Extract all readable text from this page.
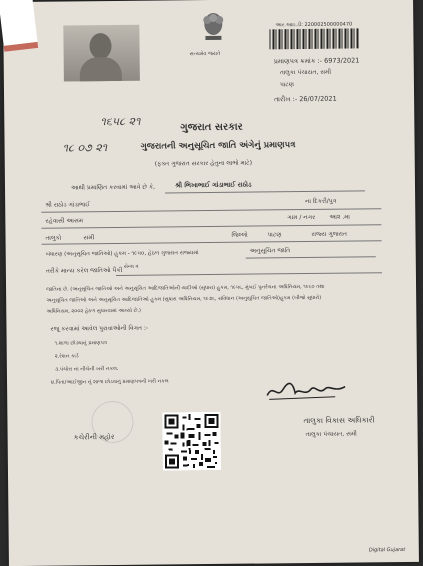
સત્યમેવ જયતે
આર.આઇ.ડી: 220002500000470
પ્રમાણપત્ર ક્રમાંક :- 6973/2021
તાલુકા પંચાયત, સમી
પાટણ
તારીખ :- 26/07/2021
૧૬૫૮ ૨૧	ગુજરાત સરકાર
૧૮ ૦૭ ૨૧	ગુજરાતની અનુસૂચિત જાતિ અંગેનું પ્રમાણપત્ર
(ફક્ત ગુજરાત સરકાર હેતુના લાભો માટે)
આથી પ્રમાણિત કરવામાં આવે છે કે,	શ્રી ભિખાભાઈ ગાંડાભાઈ રાઠોડ
શ્રી રાઠોડ ગાંડાભાઈ	ના દિકરી/પુત્ર
રહેવાસી આસમ	ગામ / નગર આ૨ .મા
તાલુકો	સમી	જિલ્લો	પાટણ	રાજ્ય ગુજરાત
બંધારણ (અનુસૂચિત જાતિઓ) હુકમ - ૧૯૫૦, હેઠળ ગુજરાત રાજ્યમાં	અનુસૂચિત જાતિ
તરીકે માન્ય કરેલ જાતિઓ પૈકી
સેન્મ વ
જાતિના છે. (અનુસૂચિત જાતિઓ અને અનુસૂચિત આદિજાતિઓની યાદીઓ (સુધારા) હુકમ, ૧૯૫૬, મુંબઈ પુનર્રચના અધિનિયમ, ૧૯૬૦ તથા
અનુસૂચિત જાતિઓ અને અનુસૂચિત આદિજાતિઓ હુકમ (સુધારા અધિનિયમ, ૧૯૭૬, સંવિધાન (અનુસૂચિત જાતિઓ)હુકમ (બીજો સુધારો)
અધિનિયમ, ૨૦૦૨ હેઠળ સુધારવામાં આવ્યો છે.)
રજૂ કરવામાં આવેલ પુરાવાઓની વિગત :-
૧.શાળા છોડ્યાનું પ્રમાણપત્ર
૨.રેશન કાર્ડ
૩.પંચોરા ના નીચેની ખરી નકલ.
૪.પિતા/આઈજીન નું શાળા છોડવાનું પ્રમાણપત્રની ખરી નકલ
કચેરીની મહોર
તાલુકા વિકાસ અધિકારી
તાલુકા પંચાયત, સમી
Digital Gujarat
